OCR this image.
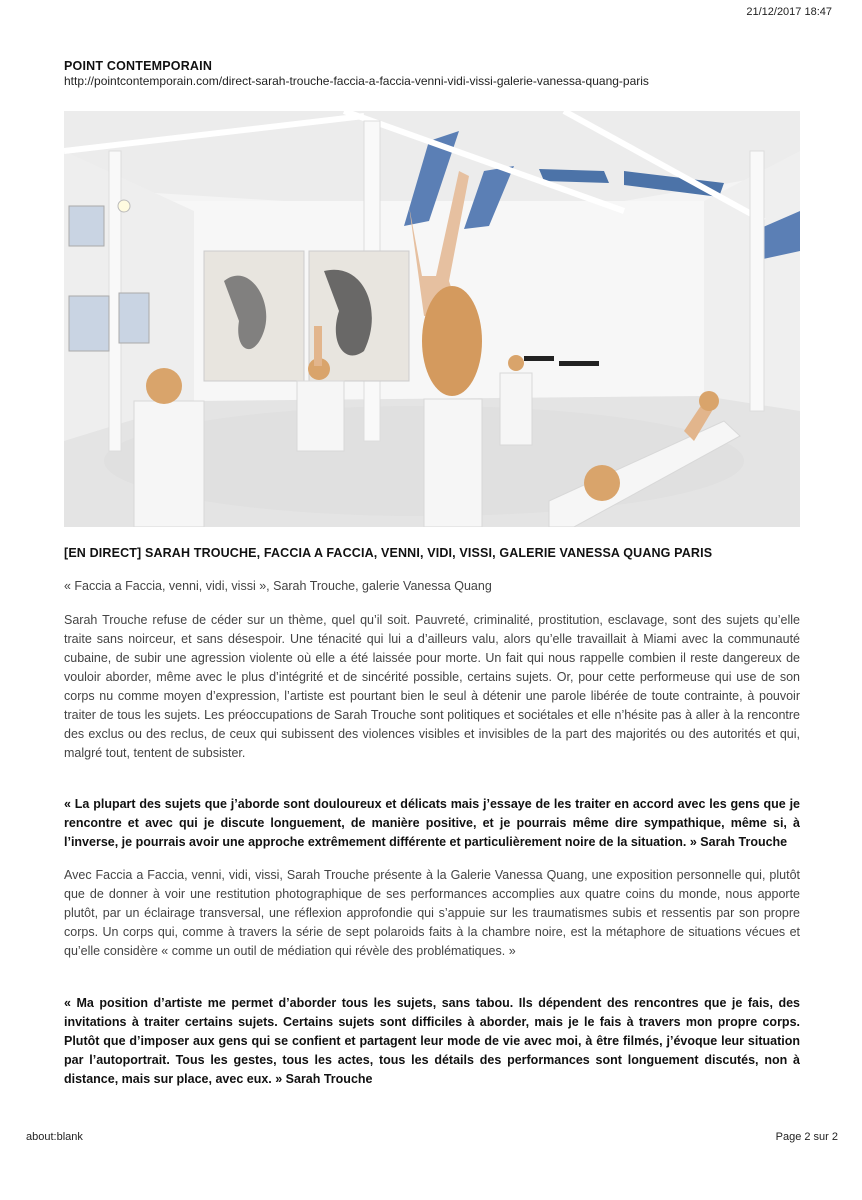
21/12/2017 18:47
POINT CONTEMPORAIN
http://pointcontemporain.com/direct-sarah-trouche-faccia-a-faccia-venni-vidi-vissi-galerie-vanessa-quang-paris
[EN DIRECT] SARAH TROUCHE, FACCIA A FACCIA, VENNI, VIDI, VISSI, GALERIE VANESSA QUANG PARIS
« Faccia a Faccia, venni, vidi, vissi », Sarah Trouche, galerie Vanessa Quang

Sarah Trouche refuse de céder sur un thème, quel qu’il soit. Pauvreté, criminalité, prostitution, esclavage, sont des sujets qu’elle traite sans noirceur, et sans désespoir. Une ténacité qui lui a d’ailleurs valu, alors qu’elle travaillait à Miami avec la communauté cubaine, de subir une agression violente où elle a été laissée pour morte. Un fait qui nous rappelle combien il reste dangereux de vouloir aborder, même avec le plus d’intégrité et de sincérité possible, certains sujets. Or, pour cette performeuse qui use de son corps nu comme moyen d’expression, l’artiste est pourtant bien le seul à détenir une parole libérée de toute contrainte, à pouvoir traiter de tous les sujets. Les préoccupations de Sarah Trouche sont politiques et sociétales et elle n’hésite pas à aller à la rencontre des exclus ou des reclus, de ceux qui subissent des violences visibles et invisibles de la part des majorités ou des autorités et qui, malgré tout, tentent de subsister.

« La plupart des sujets que j’aborde sont douloureux et délicats mais j’essaye de les traiter en accord avec les gens que je rencontre et avec qui je discute longuement, de manière positive, et je pourrais même dire sympathique, même si, à l’inverse, je pourrais avoir une approche extrêmement différente et particulièrement noire de la situation. » Sarah Trouche

Avec Faccia a Faccia, venni, vidi, vissi, Sarah Trouche présente à la Galerie Vanessa Quang, une exposition personnelle qui, plutôt que de donner à voir une restitution photographique de ses performances accomplies aux quatre coins du monde, nous apporte plutôt, par un éclairage transversal, une réflexion approfondie qui s’appuie sur les traumatismes subis et ressentis par son propre corps. Un corps qui, comme à travers la série de sept polaroids faits à la chambre noire, est la métaphore de situations vécues et qu’elle considère « comme un outil de médiation qui révèle des problématiques. »

« Ma position d’artiste me permet d’aborder tous les sujets, sans tabou. Ils dépendent des rencontres que je fais, des invitations à traiter certains sujets. Certains sujets sont difficiles à aborder, mais je le fais à travers mon propre corps. Plutôt que d’imposer aux gens qui se confient et partagent leur mode de vie avec moi, à être filmés, j’évoque leur situation par l’autoportrait. Tous les gestes, tous les actes, tous les détails des performances sont longuement discutés, non à distance, mais sur place, avec eux. » Sarah Trouche

about:blank	Page 2 sur 2
